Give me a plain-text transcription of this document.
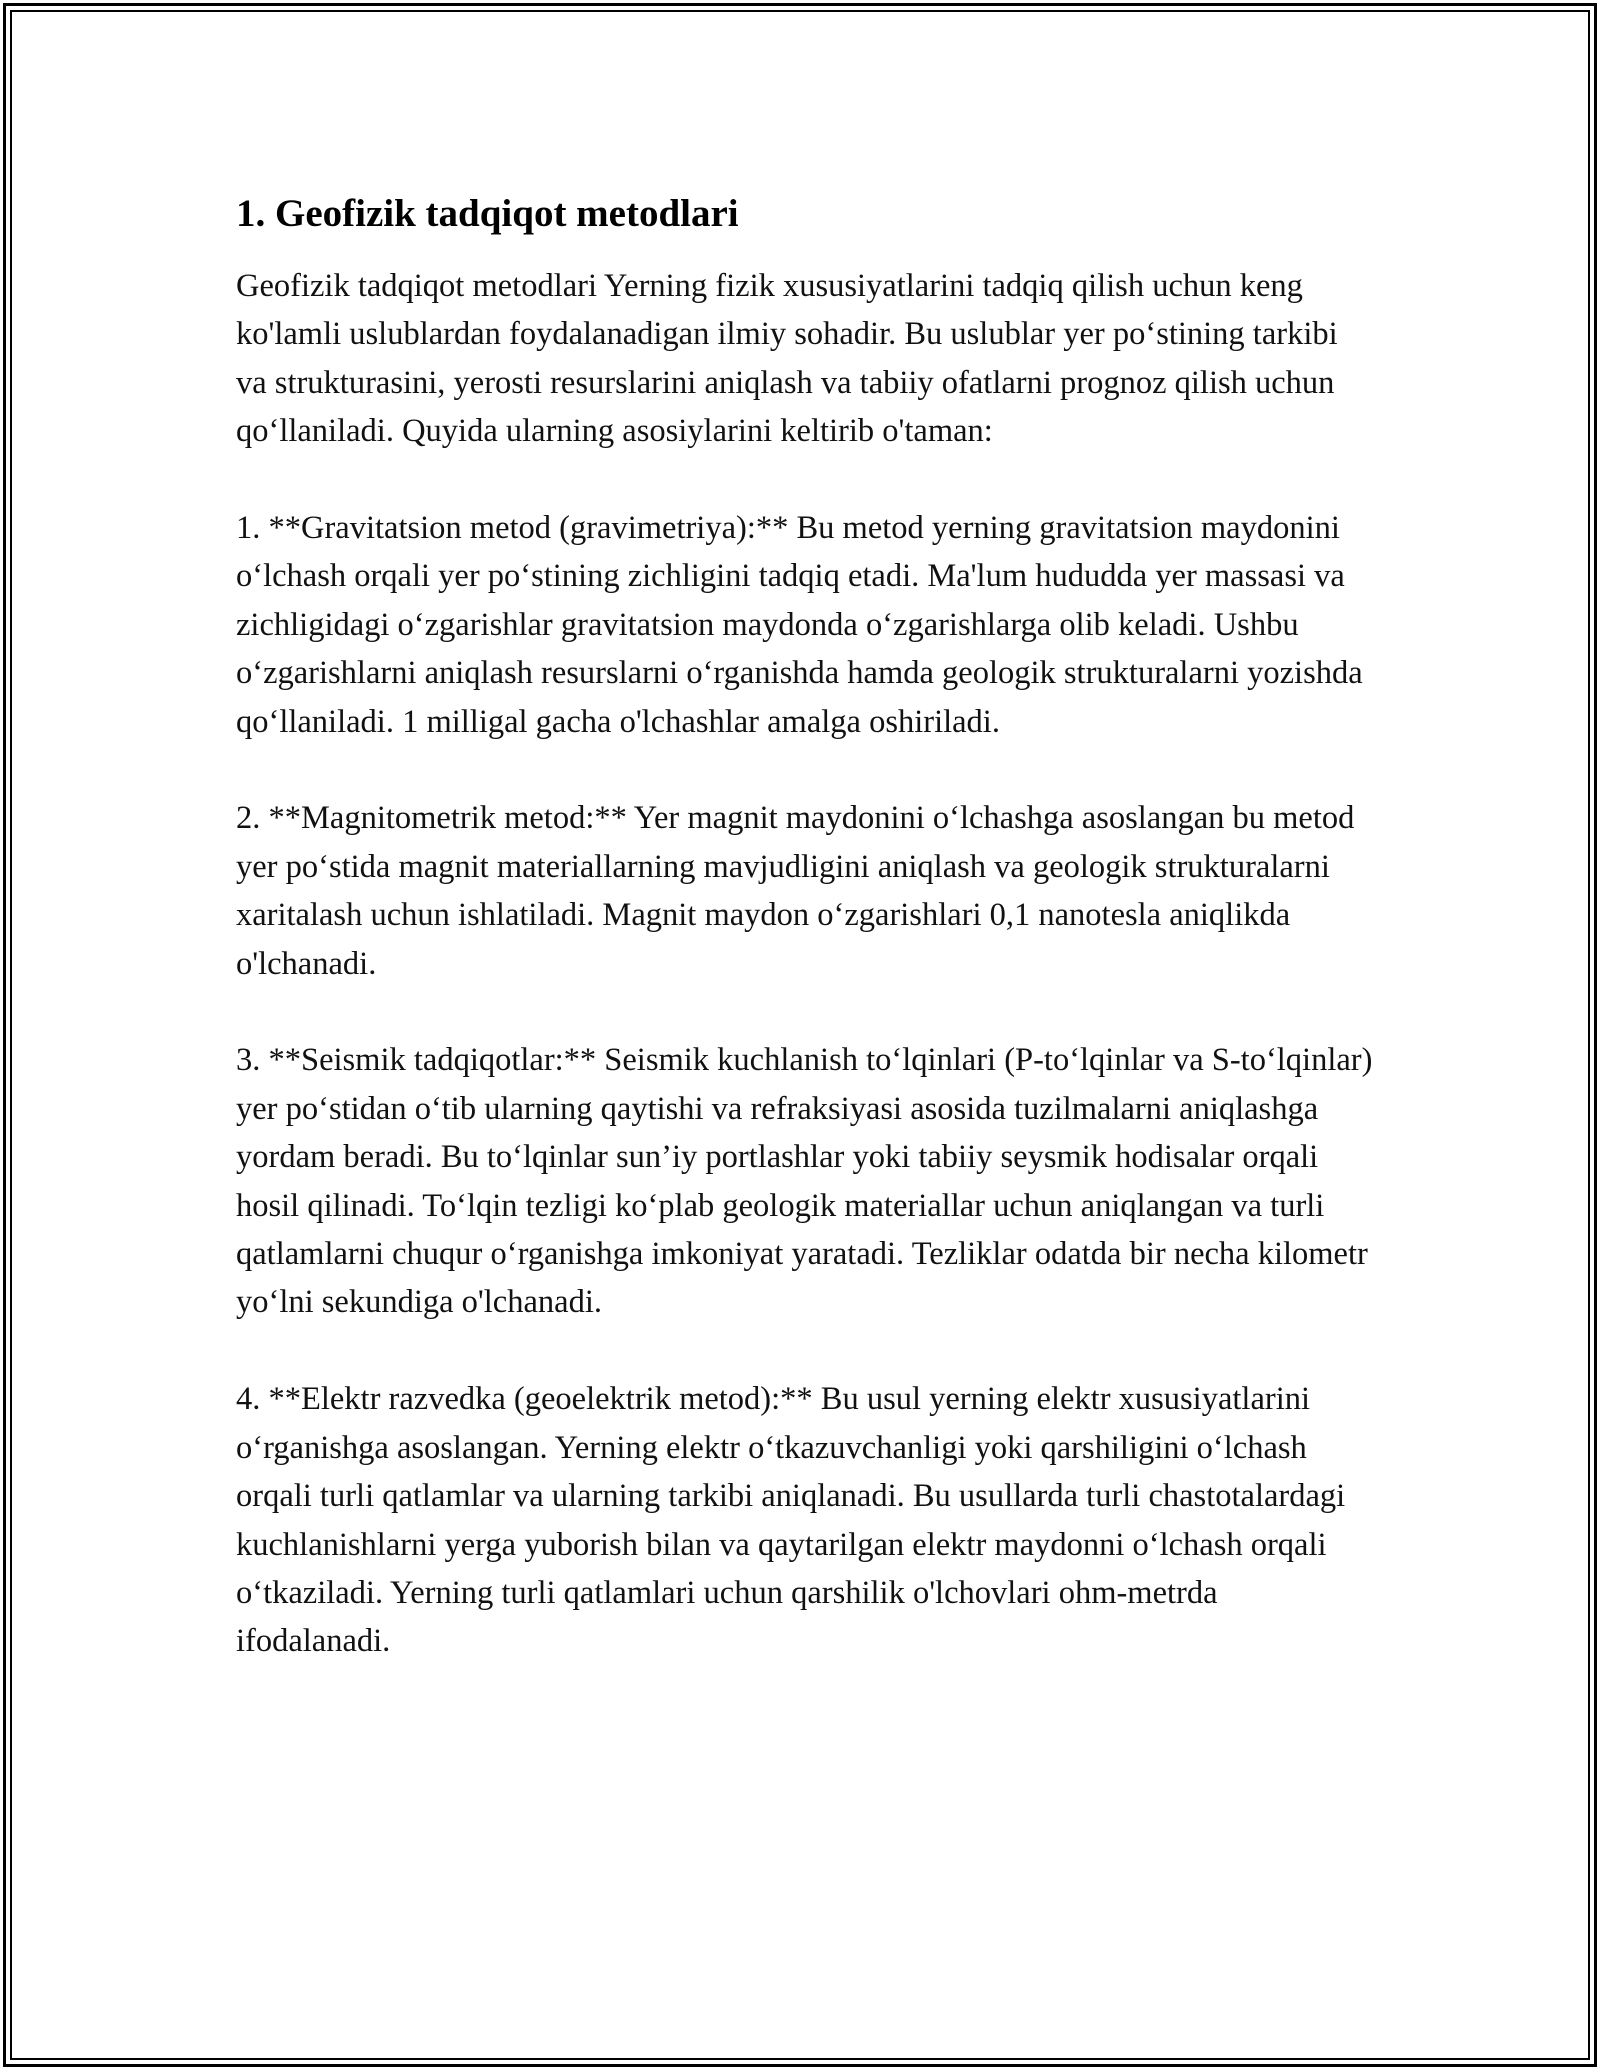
1. Geofizik tadqiqot metodlari

Geofizik tadqiqot metodlari Yerning fizik xususiyatlarini tadqiq qilish uchun keng ko'lamli uslublardan foydalanadigan ilmiy sohadir. Bu uslublar yer po‘stining tarkibi va strukturasini, yerosti resurslarini aniqlash va tabiiy ofatlarni prognoz qilish uchun qo‘llaniladi. Quyida ularning asosiylarini keltirib o'taman:

1. **Gravitatsion metod (gravimetriya):** Bu metod yerning gravitatsion maydonini o‘lchash orqali yer po‘stining zichligini tadqiq etadi. Ma'lum hududda yer massasi va zichligidagi o‘zgarishlar gravitatsion maydonda o‘zgarishlarga olib keladi. Ushbu o‘zgarishlarni aniqlash resurslarni o‘rganishda hamda geologik strukturalarni yozishda qo‘llaniladi. 1 milligal gacha o'lchashlar amalga oshiriladi.

2. **Magnitometrik metod:** Yer magnit maydonini o‘lchashga asoslangan bu metod yer po‘stida magnit materiallarning mavjudligini aniqlash va geologik strukturalarni xaritalash uchun ishlatiladi. Magnit maydon o‘zgarishlari 0,1 nanotesla aniqlikda o'lchanadi.

3. **Seismik tadqiqotlar:** Seismik kuchlanish to‘lqinlari (P-to‘lqinlar va S-to‘lqinlar) yer po‘stidan o‘tib ularning qaytishi va refraksiyasi asosida tuzilmalarni aniqlashga yordam beradi. Bu to‘lqinlar sun’iy portlashlar yoki tabiiy seysmik hodisalar orqali hosil qilinadi. To‘lqin tezligi ko‘plab geologik materiallar uchun aniqlangan va turli qatlamlarni chuqur o‘rganishga imkoniyat yaratadi. Tezliklar odatda bir necha kilometr yo‘lni sekundiga o'lchanadi.

4. **Elektr razvedka (geoelektrik metod):** Bu usul yerning elektr xususiyatlarini o‘rganishga asoslangan. Yerning elektr o‘tkazuvchanligi yoki qarshiligini o‘lchash orqali turli qatlamlar va ularning tarkibi aniqlanadi. Bu usullarda turli chastotalardagi kuchlanishlarni yerga yuborish bilan va qaytarilgan elektr maydonni o‘lchash orqali o‘tkaziladi. Yerning turli qatlamlari uchun qarshilik o'lchovlari ohm-metrda ifodalanadi.
